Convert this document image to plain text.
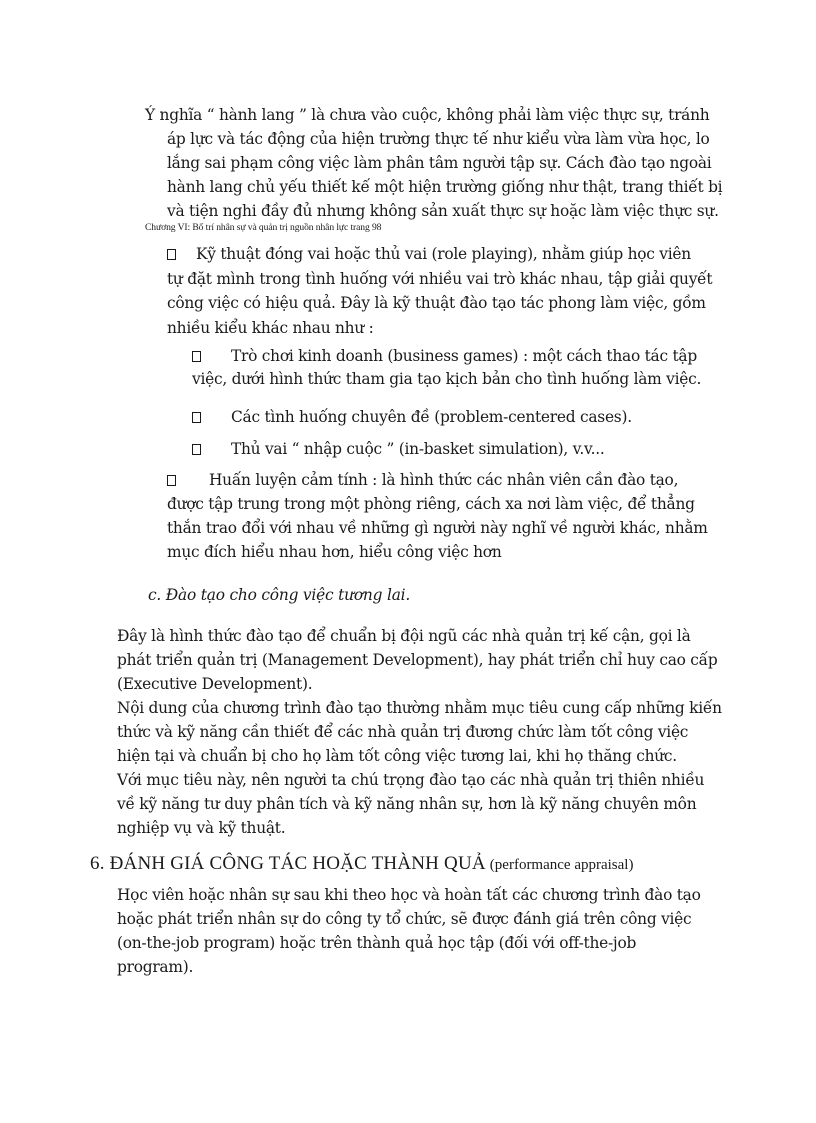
Ý nghĩa “ hành lang ” là chưa vào cuộc, không phải làm việc thực sự, tránh
áp lực và tác động của hiện trường thực tế như kiểu vừa làm vừa học, lo
lắng sai phạm công việc làm phân tâm người tập sự. Cách đào tạo ngoài
hành lang chủ yếu thiết kế một hiện trường giống như thật, trang thiết bị
và tiện nghi đầy đủ nhưng không sản xuất thực sự hoặc làm việc thực sự.
Chương VI: Bố trí nhân sự và quản trị nguồn nhân lực trang 98
Kỹ thuật đóng vai hoặc thủ vai (role playing), nhằm giúp học viên
tự đặt mình trong tình huống với nhiều vai trò khác nhau, tập giải quyết
công việc có hiệu quả. Đây là kỹ thuật đào tạo tác phong làm việc, gồm
nhiều kiểu khác nhau như :
Trò chơi kinh doanh (business games) : một cách thao tác tập
việc, dưới hình thức tham gia tạo kịch bản cho tình huống làm việc.
Các tình huống chuyên đề (problem-centered cases).
Thủ vai “ nhập cuộc ” (in-basket simulation), v.v...
Huấn luyện cảm tính : là hình thức các nhân viên cần đào tạo,
được tập trung trong một phòng riêng, cách xa nơi làm việc, để thẳng
thắn trao đổi với nhau về những gì người này nghĩ về người khác, nhằm
mục đích hiểu nhau hơn, hiểu công việc hơn
c. Đào tạo cho công việc tương lai.
Đây là hình thức đào tạo để chuẩn bị đội ngũ các nhà quản trị kế cận, gọi là
phát triển quản trị (Management Development), hay phát triển chỉ huy cao cấp
(Executive Development).
Nội dung của chương trình đào tạo thường nhằm mục tiêu cung cấp những kiến
thức và kỹ năng cần thiết để các nhà quản trị đương chức làm tốt công việc
hiện tại và chuẩn bị cho họ làm tốt công việc tương lai, khi họ thăng chức.
Với mục tiêu này, nên người ta chú trọng đào tạo các nhà quản trị thiên nhiều
về kỹ năng tư duy phân tích và kỹ năng nhân sự, hơn là kỹ năng chuyên môn
nghiệp vụ và kỹ thuật.
6. ĐÁNH GIÁ CÔNG TÁC HOẶC THÀNH QUẢ (performance appraisal)
Học viên hoặc nhân sự sau khi theo học và hoàn tất các chương trình đào tạo
hoặc phát triển nhân sự do công ty tổ chức, sẽ được đánh giá trên công việc
(on-the-job program) hoặc trên thành quả học tập (đối với off-the-job
program).
